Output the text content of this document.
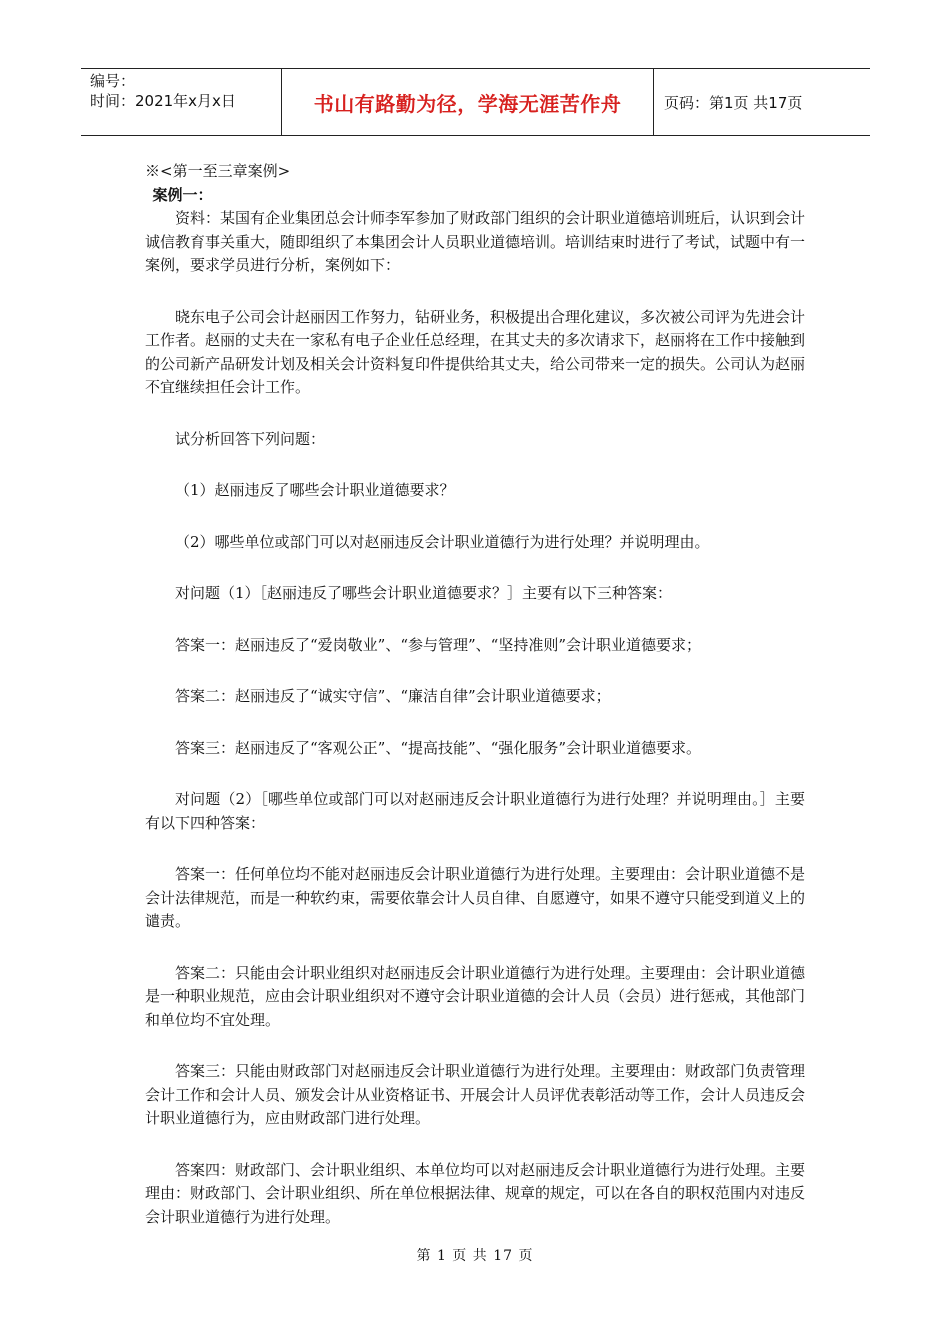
编号：
时间：2021年x月x日	书山有路勤为径，学海无涯苦作舟	页码：第1页 共17页

※<第一至三章案例>

案例一：

资料：某国有企业集团总会计师李军参加了财政部门组织的会计职业道德培训班后，认识到会计诚信教育事关重大，随即组织了本集团会计人员职业道德培训。培训结束时进行了考试，试题中有一案例，要求学员进行分析，案例如下：

晓东电子公司会计赵丽因工作努力，钻研业务，积极提出合理化建议，多次被公司评为先进会计工作者。赵丽的丈夫在一家私有电子企业任总经理，在其丈夫的多次请求下，赵丽将在工作中接触到的公司新产品研发计划及相关会计资料复印件提供给其丈夫，给公司带来一定的损失。公司认为赵丽不宜继续担任会计工作。

试分析回答下列问题：

（1）赵丽违反了哪些会计职业道德要求？

（2）哪些单位或部门可以对赵丽违反会计职业道德行为进行处理？并说明理由。

对问题（1）［赵丽违反了哪些会计职业道德要求？］主要有以下三种答案：

答案一：赵丽违反了“爱岗敬业”、“参与管理”、“坚持准则”会计职业道德要求；

答案二：赵丽违反了“诚实守信”、“廉洁自律”会计职业道德要求；

答案三：赵丽违反了“客观公正”、“提高技能”、“强化服务”会计职业道德要求。

对问题（2）［哪些单位或部门可以对赵丽违反会计职业道德行为进行处理？并说明理由。］主要有以下四种答案：

答案一：任何单位均不能对赵丽违反会计职业道德行为进行处理。主要理由：会计职业道德不是会计法律规范，而是一种软约束，需要依靠会计人员自律、自愿遵守，如果不遵守只能受到道义上的谴责。

答案二：只能由会计职业组织对赵丽违反会计职业道德行为进行处理。主要理由：会计职业道德是一种职业规范，应由会计职业组织对不遵守会计职业道德的会计人员（会员）进行惩戒，其他部门和单位均不宜处理。

答案三：只能由财政部门对赵丽违反会计职业道德行为进行处理。主要理由：财政部门负责管理会计工作和会计人员、颁发会计从业资格证书、开展会计人员评优表彰活动等工作，会计人员违反会计职业道德行为，应由财政部门进行处理。

答案四：财政部门、会计职业组织、本单位均可以对赵丽违反会计职业道德行为进行处理。主要理由：财政部门、会计职业组织、所在单位根据法律、规章的规定，可以在各自的职权范围内对违反会计职业道德行为进行处理。

第 1 页 共 17 页
